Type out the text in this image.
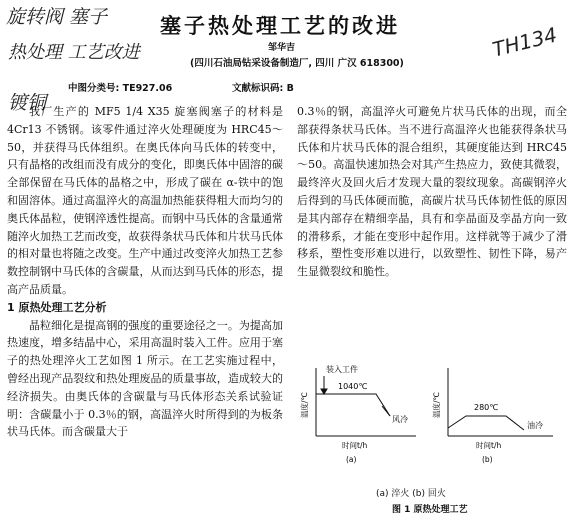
旋转阀 塞子
热处理 工艺改进
镀铜
TH134
塞子热处理工艺的改进
邹华吉
(四川石油局钻采设备制造厂, 四川 广汉 618300)
中图分类号: TE927.06	文献标识码: B

我厂生产的 MF5 1/4 X35 旋塞阀塞子的材料是 4Cr13 不锈钢。该零件通过淬火处理硬度为 HRC45～50，并获得马氏体组织。在奥氏体向马氏体的转变中，只有晶格的改组而没有成分的变化，即奥氏体中固溶的碳全部保留在马氏体的晶格之中，形成了碳在 α-铁中的饱和固溶体。通过高温淬火的高温加热能获得粗大而均匀的奥氏体晶粒，使钢淬透性提高。而钢中马氏体的含量通常随淬火加热工艺而改变，故获得条状马氏体和片状马氏体的相对量也将随之改变。生产中通过改变淬火加热工艺参数控制钢中马氏体的含碳量，从而达到马氏体的形态，提高产品质量。

1 原热处理工艺分析

晶粒细化是提高钢的强度的重要途径之一。为提高加热速度，增多结晶中心，采用高温时装入工件。应用于塞子的热处理淬火工艺如图 1 所示。在工艺实施过程中，曾经出现产品裂纹和热处理废品的质量事故，造成较大的经济损失。由奥氏体的含碳量与马氏体形态关系试验证明：含碳量小于 0.3％的钢，高温淬火时所得到的为板条状马氏体。而含碳量大于

0.3％的钢，高温淬火可避免片状马氏体的出现，而全部获得条状马氏体。当不进行高温淬火也能获得条状马氏体和片状马氏体的混合组织，其硬度能达到 HRC45～50。高温快速加热会对其产生热应力，致使其微裂，最终淬火及回火后才发现大量的裂纹现象。高碳钢淬火后得到的马氏体硬而脆，高碳片状马氏体韧性低的原因是其内部存在精细孪晶，具有和孪晶面及孪晶方向一致的滑移系，才能在变形中起作用。这样就等于减少了滑移系，塑性变形难以进行，以致塑性、韧性下降，易产生显微裂纹和脆性。

温度/℃
装入工件
1040℃
风冷
时间t/h
(a)
温度/℃	280℃
油冷
时间t/h
(b)
(a) 淬火 (b) 回火
图 1 原热处理工艺
